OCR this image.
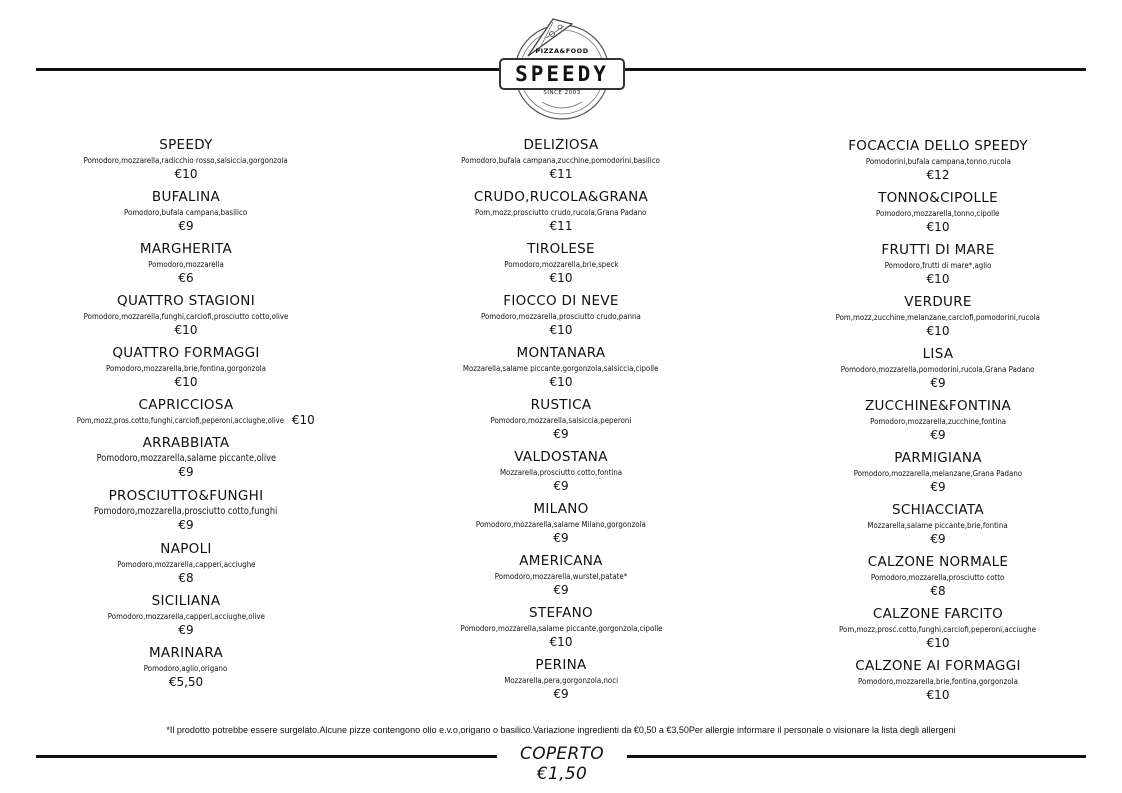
PIZZA&FOOD
SPEEDY
SINCE 2003
SPEEDY
Pomodoro,mozzarella,radicchio rosso,salsiccia,gorgonzola
€10
BUFALINA
Pomodoro,bufala campana,basilico
€9
MARGHERITA
Pomodoro,mozzarella
€6
QUATTRO STAGIONI
Pomodoro,mozzarella,funghi,carciofi,prosciutto cotto,olive
€10
QUATTRO FORMAGGI
Pomodoro,mozzarella,brie,fontina,gorgonzola
€10
CAPRICCIOSA
Pom,mozz,pros.cotto,funghi,carciofi,peperoni,acciughe,olive €10
ARRABBIATA
Pomodoro,mozzarella,salame piccante,olive
€9
PROSCIUTTO&FUNGHI
Pomodoro,mozzarella,prosciutto cotto,funghi
€9
NAPOLI
Pomodoro,mozzarella,capperi,acciughe
€8
SICILIANA
Pomodoro,mozzarella,capperi,acciughe,olive
€9
MARINARA
Pomodoro,aglio,origano
€5,50
DELIZIOSA
Pomodoro,bufala campana,zucchine,pomodorini,basilico
€11
CRUDO,RUCOLA&GRANA
Pom,mozz,prosciutto crudo,rucola,Grana Padano
€11
TIROLESE
Pomodoro,mozzarella,brie,speck
€10
FIOCCO DI NEVE
Pomodoro,mozzarella,prosciutto crudo,panna
€10
MONTANARA
Mozzarella,salame piccante,gorgonzola,salsiccia,cipolle
€10
RUSTICA
Pomodoro,mozzarella,salsiccia,peperoni
€9
VALDOSTANA
Mozzarella,prosciutto cotto,fontina
€9
MILANO
Pomodoro,mozzarella,salame Milano,gorgonzola
€9
AMERICANA
Pomodoro,mozzarella,wurstel,patate*
€9
STEFANO
Pomodoro,mozzarella,salame piccante,gorgonzola,cipolle
€10
PERINA
Mozzarella,pera,gorgonzola,noci
€9
FOCACCIA DELLO SPEEDY
Pomodorini,bufala campana,tonno,rucola
€12
TONNO&CIPOLLE
Pomodoro,mozzarella,tonno,cipolle
€10
FRUTTI DI MARE
Pomodoro,frutti di mare*,aglio
€10
VERDURE
Pom,mozz,zucchine,melanzane,carciofi,pomodorini,rucola
€10
LISA
Pomodoro,mozzarella,pomodorini,rucola,Grana Padano
€9
ZUCCHINE&FONTINA
Pomodoro,mozzarella,zucchine,fontina
€9
PARMIGIANA
Pomodoro,mozzarella,melanzane,Grana Padano
€9
SCHIACCIATA
Mozzarella,salame piccante,brie,fontina
€9
CALZONE NORMALE
Pomodoro,mozzarella,prosciutto cotto
€8
CALZONE FARCITO
Pom,mozz,prosc.cotto,funghi,carciofi,peperoni,acciughe
€10
CALZONE AI FORMAGGI
Pomodoro,mozzarella,brie,fontina,gorgonzola
€10
*Il prodotto potrebbe essere surgelato.Alcune pizze contengono olio e.v.o,origano o basilico.Variazione ingredienti da €0,50 a €3,50Per allergie informare il personale o visionare la lista degli allergeni
COPERTO €1,50
